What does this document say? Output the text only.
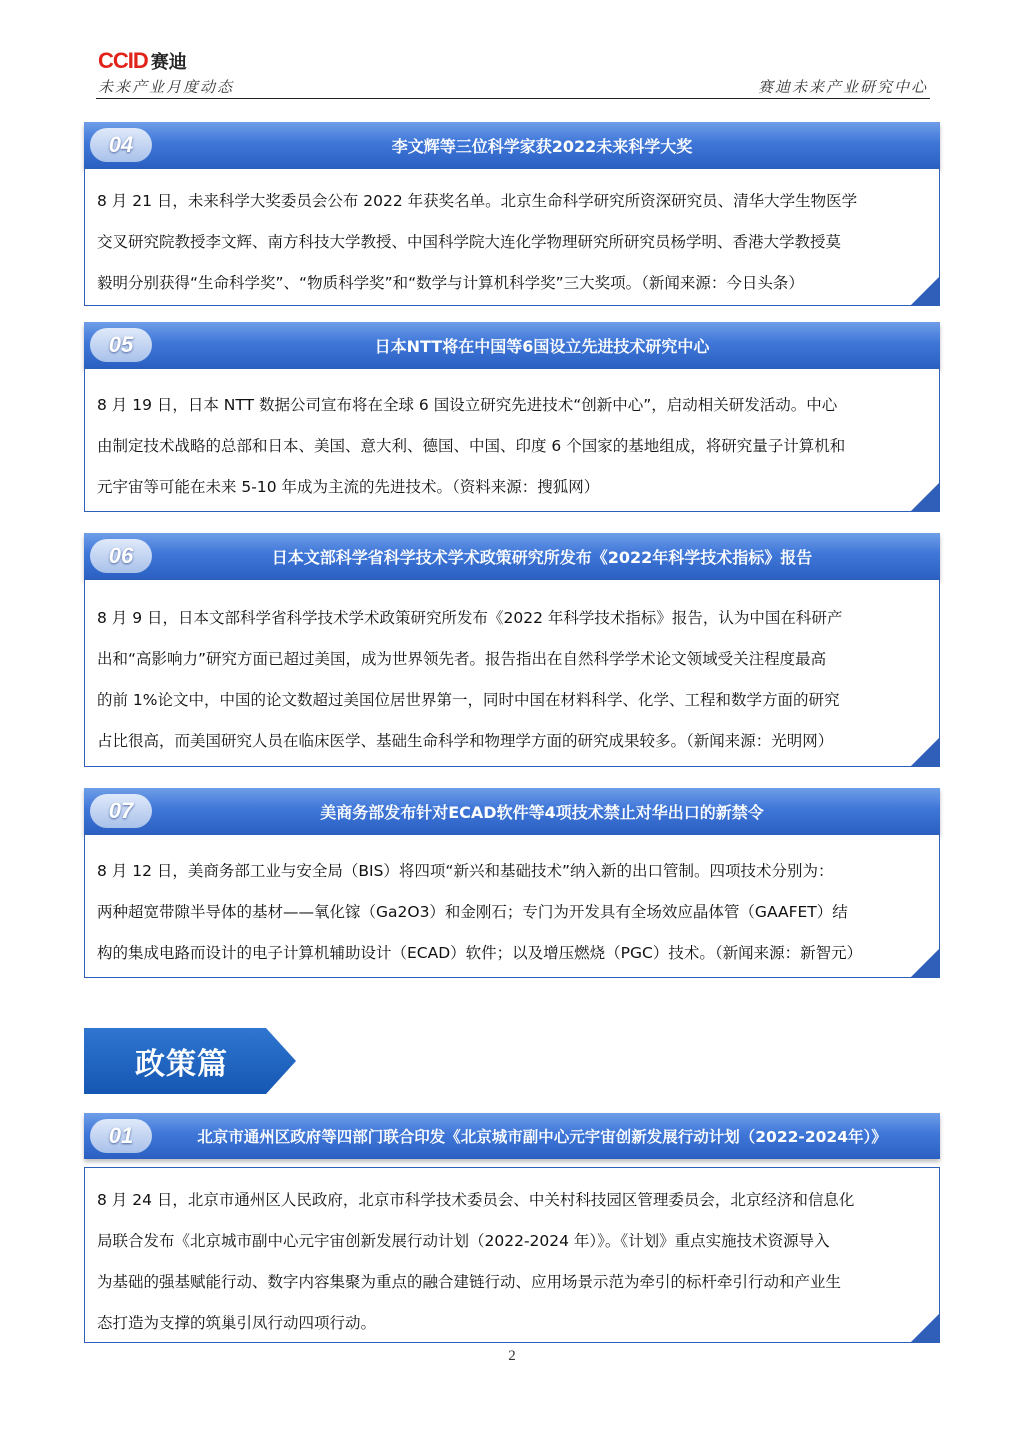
CCID 赛迪
未来产业月度动态	赛迪未来产业研究中心
04	李文辉等三位科学家获2022未来科学大奖
8 月 21 日，未来科学大奖委员会公布 2022 年获奖名单。北京生命科学研究所资深研究员、清华大学生物医学
交叉研究院教授李文辉、南方科技大学教授、中国科学院大连化学物理研究所研究员杨学明、香港大学教授莫
毅明分别获得“生命科学奖”、“物质科学奖”和“数学与计算机科学奖”三大奖项。（新闻来源：今日头条）
05	日本NTT将在中国等6国设立先进技术研究中心
8 月 19 日，日本 NTT 数据公司宣布将在全球 6 国设立研究先进技术“创新中心”，启动相关研发活动。中心
由制定技术战略的总部和日本、美国、意大利、德国、中国、印度 6 个国家的基地组成，将研究量子计算机和
元宇宙等可能在未来 5-10 年成为主流的先进技术。（资料来源：搜狐网）
06	日本文部科学省科学技术学术政策研究所发布《2022年科学技术指标》报告
8 月 9 日，日本文部科学省科学技术学术政策研究所发布《2022 年科学技术指标》报告，认为中国在科研产
出和“高影响力”研究方面已超过美国，成为世界领先者。报告指出在自然科学学术论文领域受关注程度最高
的前 1%论文中，中国的论文数超过美国位居世界第一，同时中国在材料科学、化学、工程和数学方面的研究
占比很高，而美国研究人员在临床医学、基础生命科学和物理学方面的研究成果较多。（新闻来源：光明网）
07	美商务部发布针对ECAD软件等4项技术禁止对华出口的新禁令
8 月 12 日，美商务部工业与安全局（BIS）将四项“新兴和基础技术”纳入新的出口管制。四项技术分别为：
两种超宽带隙半导体的基材——氧化镓（Ga2O3）和金刚石；专门为开发具有全场效应晶体管（GAAFET）结
构的集成电路而设计的电子计算机辅助设计（ECAD）软件；以及增压燃烧（PGC）技术。（新闻来源：新智元）
政策篇
01	北京市通州区政府等四部门联合印发《北京城市副中心元宇宙创新发展行动计划（2022-2024年）》
8 月 24 日，北京市通州区人民政府，北京市科学技术委员会、中关村科技园区管理委员会，北京经济和信息化
局联合发布《北京城市副中心元宇宙创新发展行动计划（2022-2024 年）》。《计划》重点实施技术资源导入
为基础的强基赋能行动、数字内容集聚为重点的融合建链行动、应用场景示范为牵引的标杆牵引行动和产业生
态打造为支撑的筑巢引凤行动四项行动。
2
